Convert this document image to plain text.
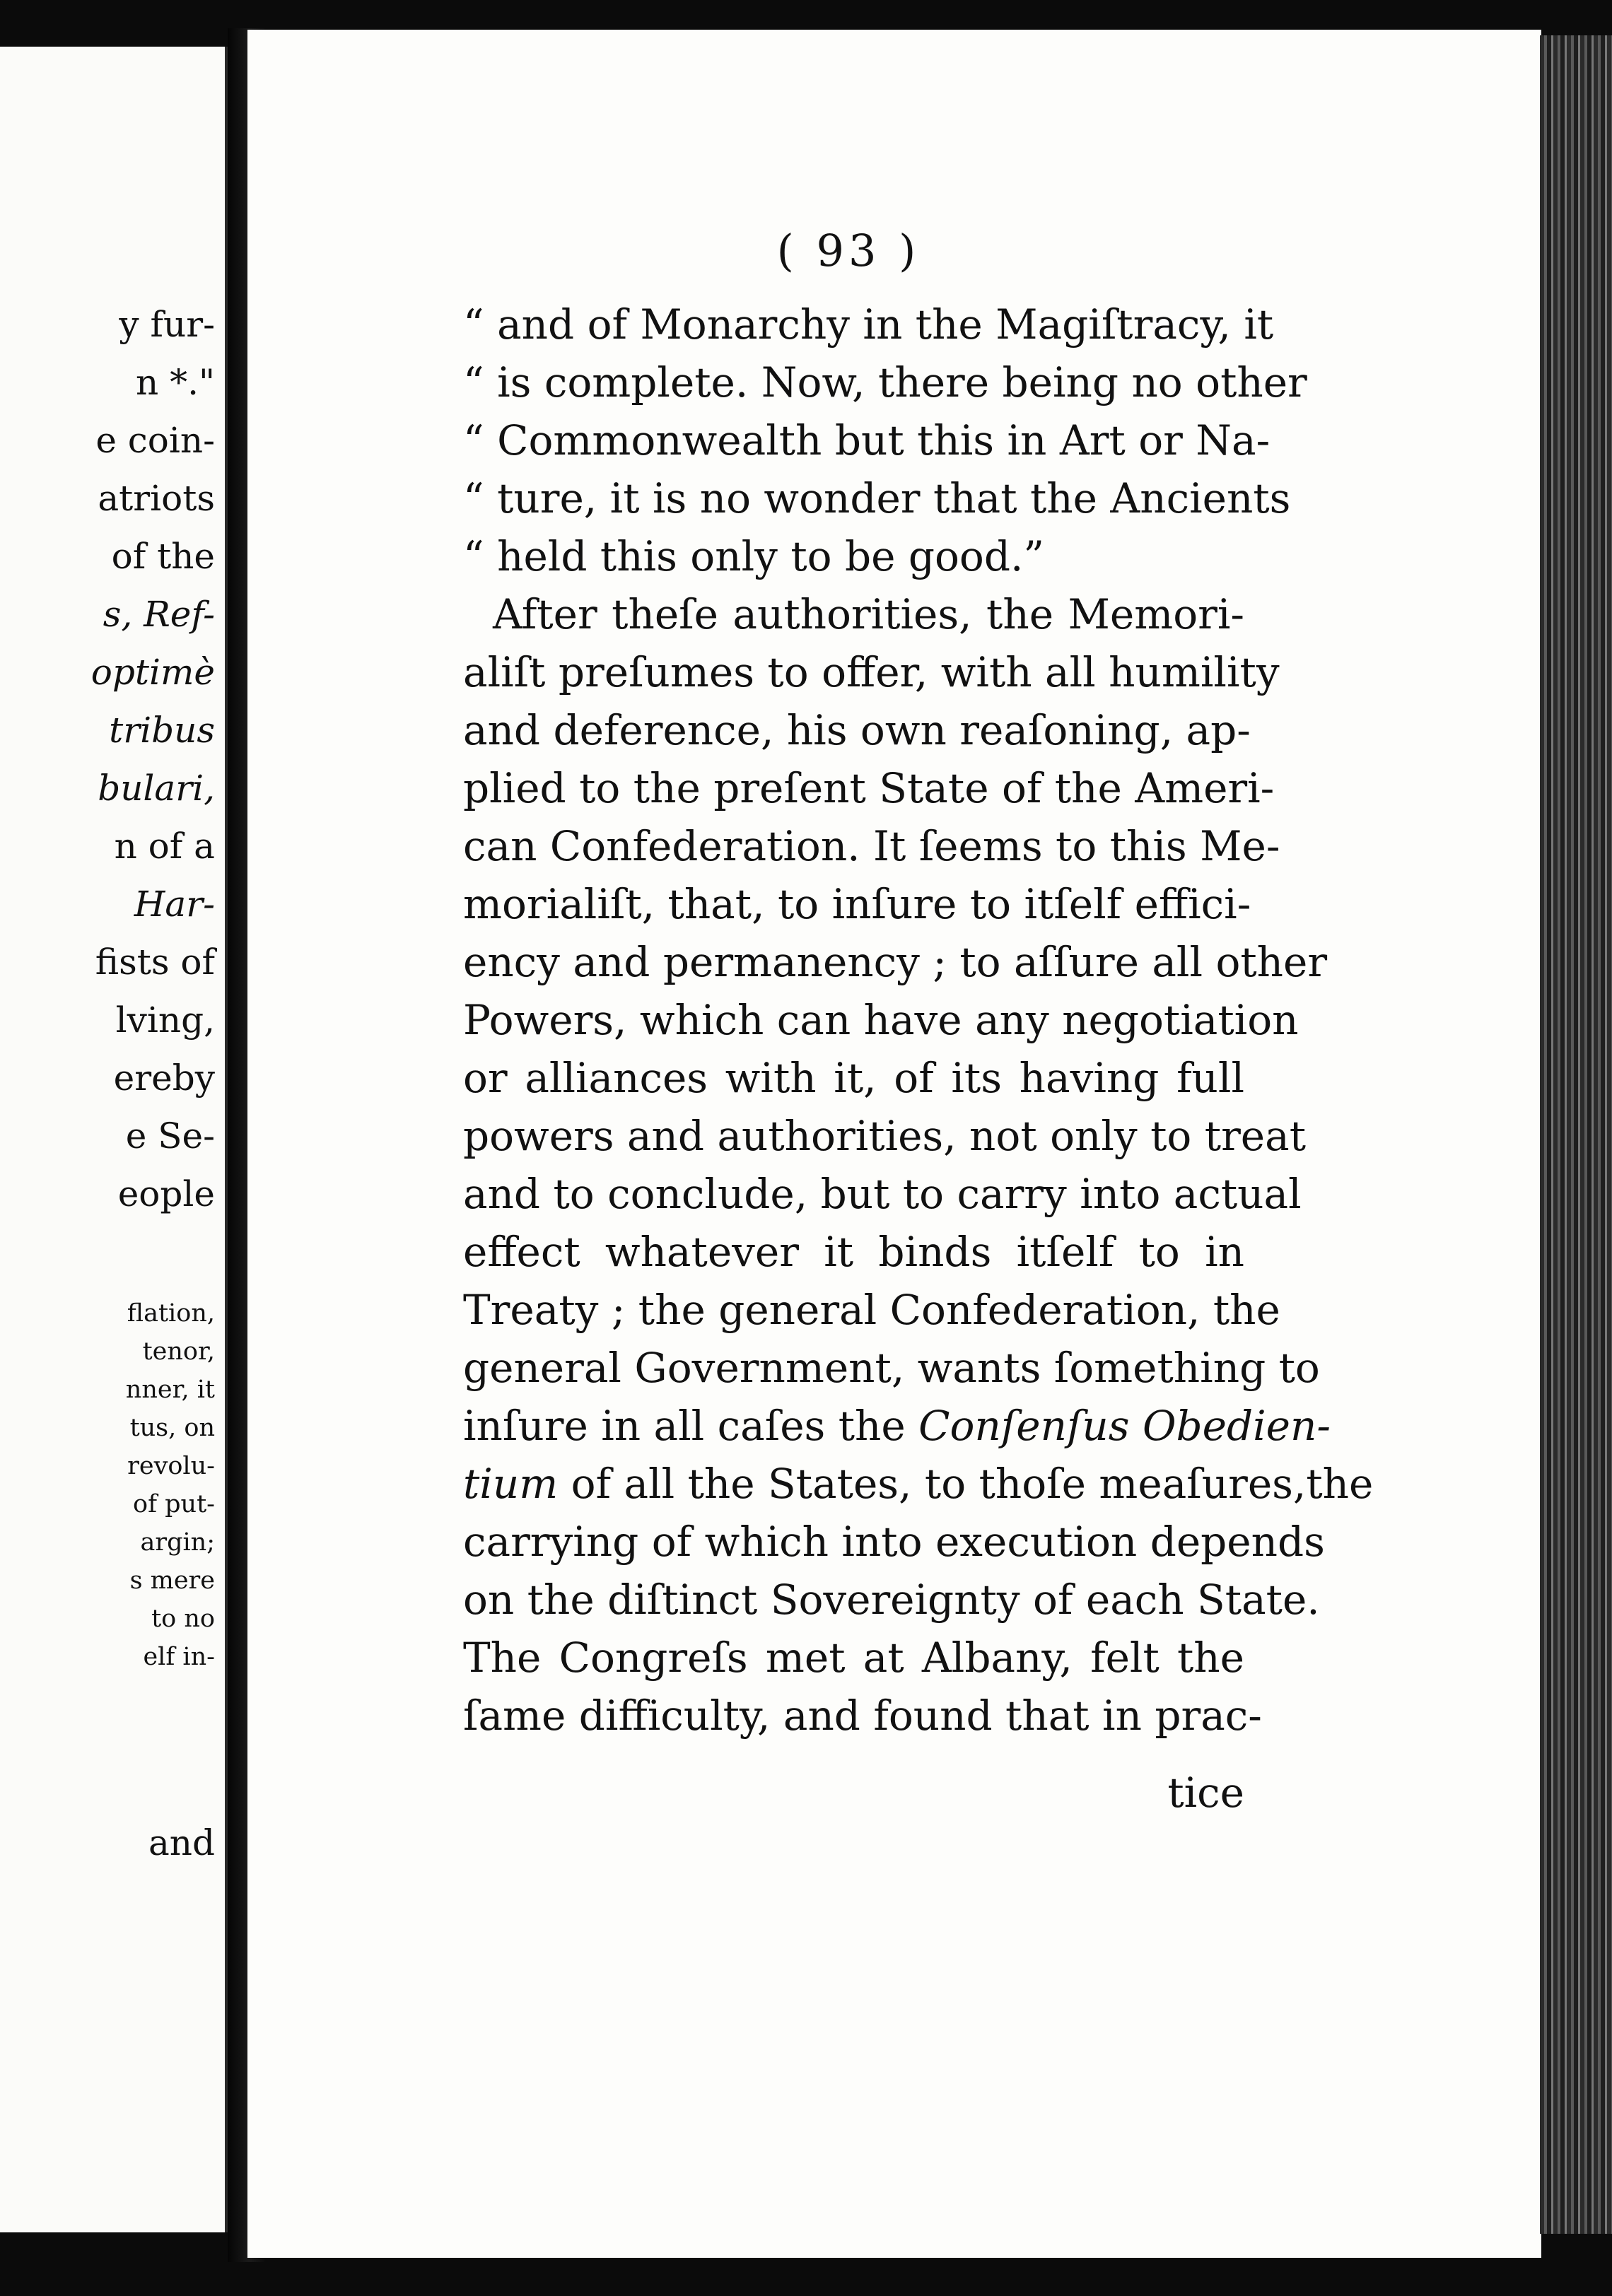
y fur-
n *."
e coin-
atriots
of the
s, Ref-
optimè
tribus
bulari,
n of a
Har-
fists of
lving,
ereby
e Se-
eople
flation,
tenor,
nner, it
tus, on
revolu-
of put-
argin;
s mere
to no
elf in-
and
( 93 )
“ and of Monarchy in the Magiſtracy, it
“ is complete. Now, there being no other
“ Commonwealth but this in Art or Na-
“ ture, it is no wonder that the Ancients
“ held this only to be good.”
After theſe authorities, the Memori-
aliſt preſumes to offer, with all humility
and deference, his own reaſoning, ap-
plied to the preſent State of the Ameri-
can Confederation. It ſeems to this Me-
morialiſt, that, to inſure to itſelf effici-
ency and permanency ; to aſſure all other
Powers, which can have any negotiation
or alliances with it, of its having full
powers and authorities, not only to treat
and to conclude, but to carry into actual
effect whatever it binds itſelf to in
Treaty ; the general Confederation, the
general Government, wants ſomething to
inſure in all caſes the Conſenſus Obedien-
tium of all the States, to thoſe meaſures,the
carrying of which into execution depends
on the diſtinct Sovereignty of each State.
The Congreſs met at Albany, felt the
ſame difficulty, and found that in prac-
tice
